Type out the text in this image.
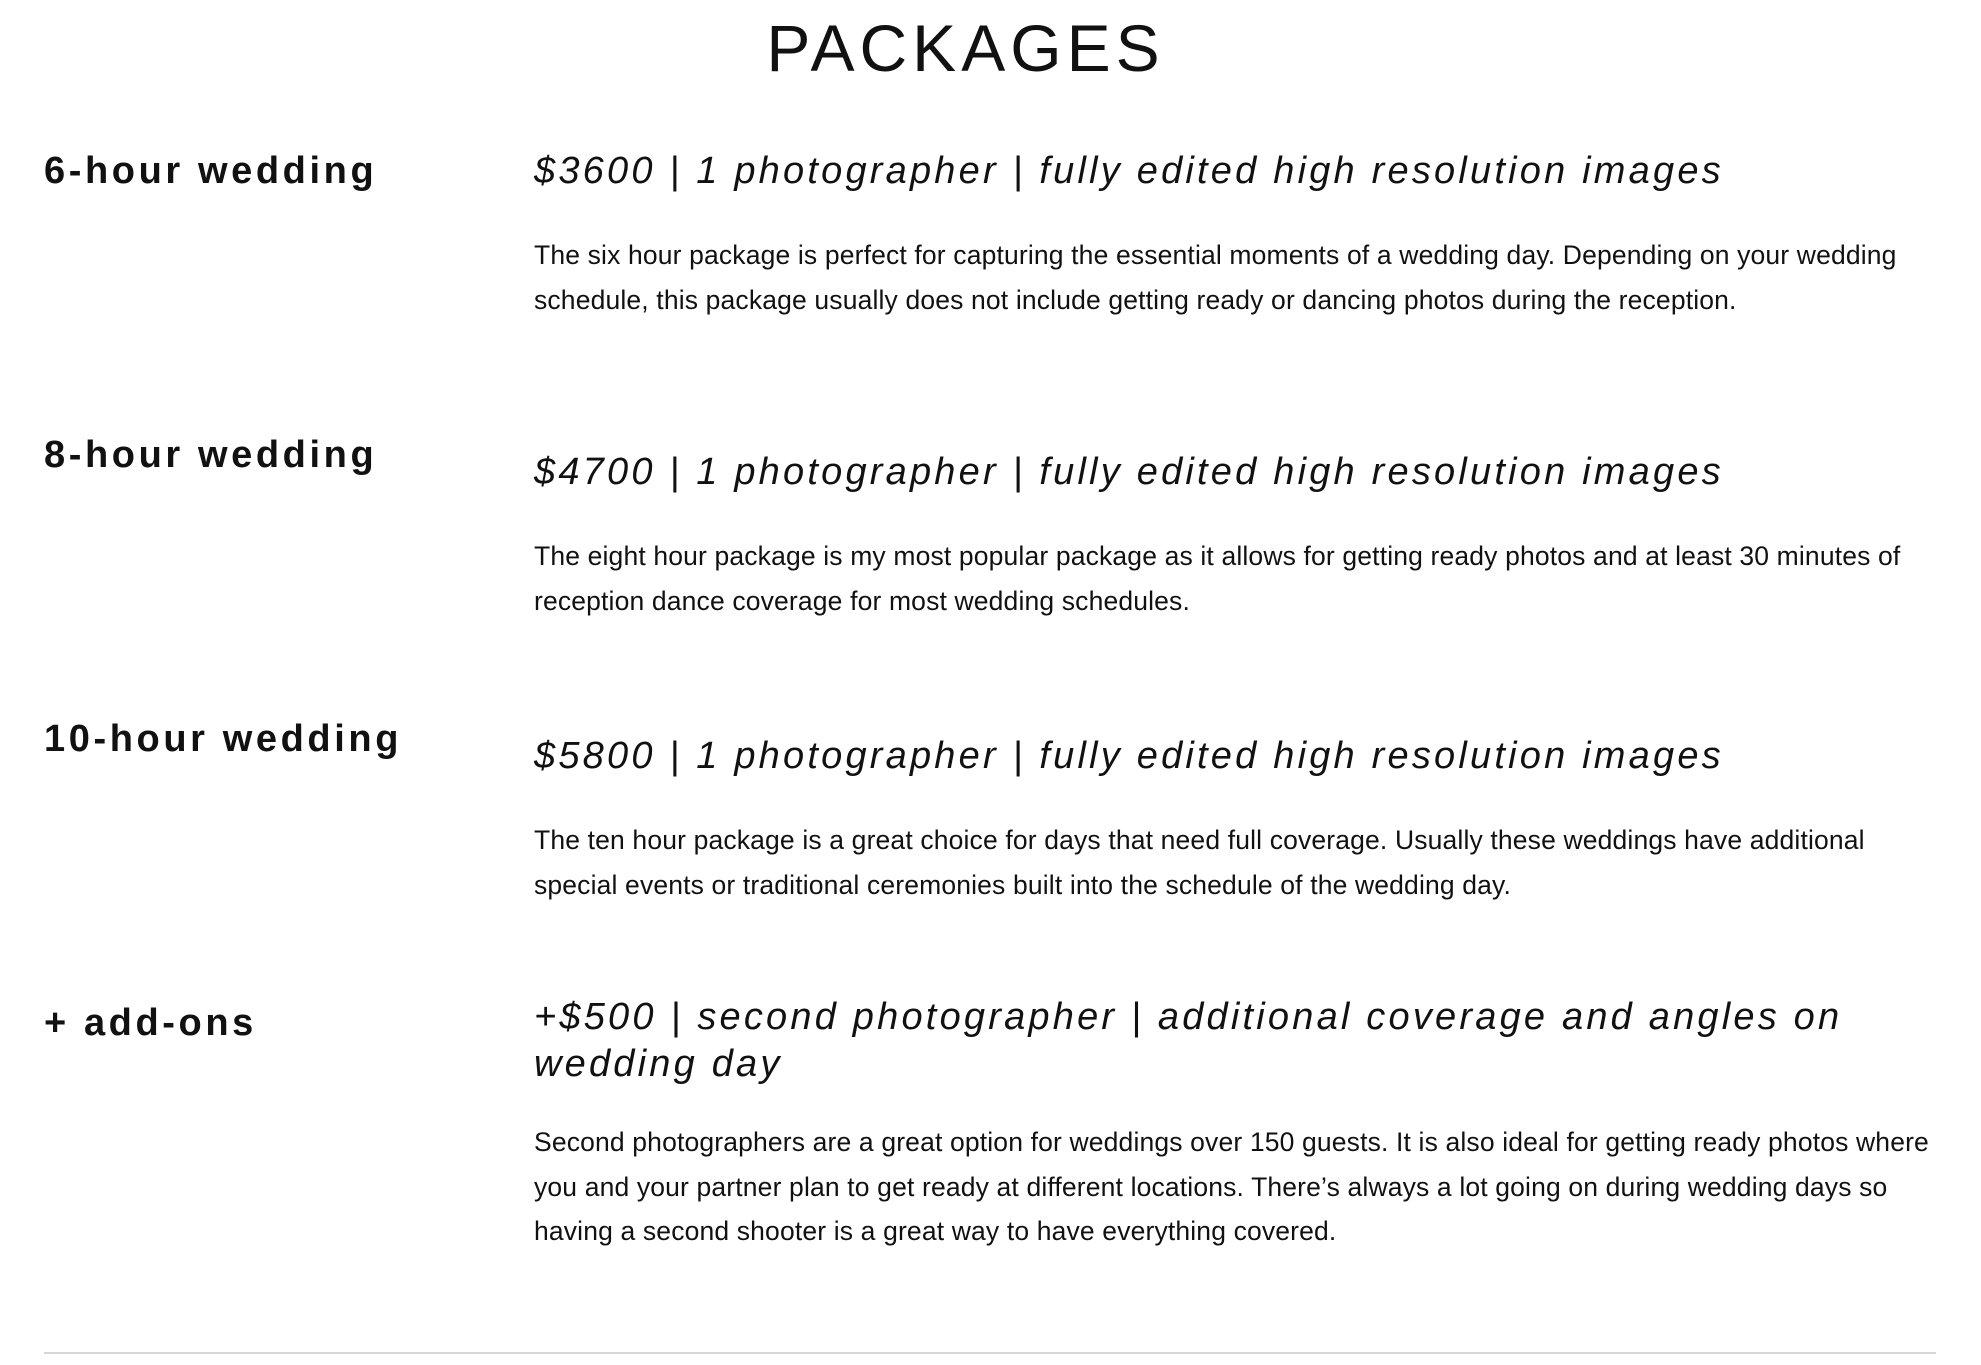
PACKAGES
6-hour wedding	$3600 | 1 photographer | fully edited high resolution images

The six hour package is perfect for capturing the essential moments of a wedding day. Depending on your wedding schedule, this package usually does not include getting ready or dancing photos during the reception.

8-hour wedding	$4700 | 1 photographer | fully edited high resolution images

The eight hour package is my most popular package as it allows for getting ready photos and at least 30 minutes of reception dance coverage for most wedding schedules.

10-hour wedding	$5800 | 1 photographer | fully edited high resolution images

The ten hour package is a great choice for days that need full coverage. Usually these weddings have additional special events or traditional ceremonies built into the schedule of the wedding day.

+ add-ons	+$500 | second photographer | additional coverage and angles on wedding day

Second photographers are a great option for weddings over 150 guests. It is also ideal for getting ready photos where you and your partner plan to get ready at different locations. There’s always a lot going on during wedding days so having a second shooter is a great way to have everything covered.
